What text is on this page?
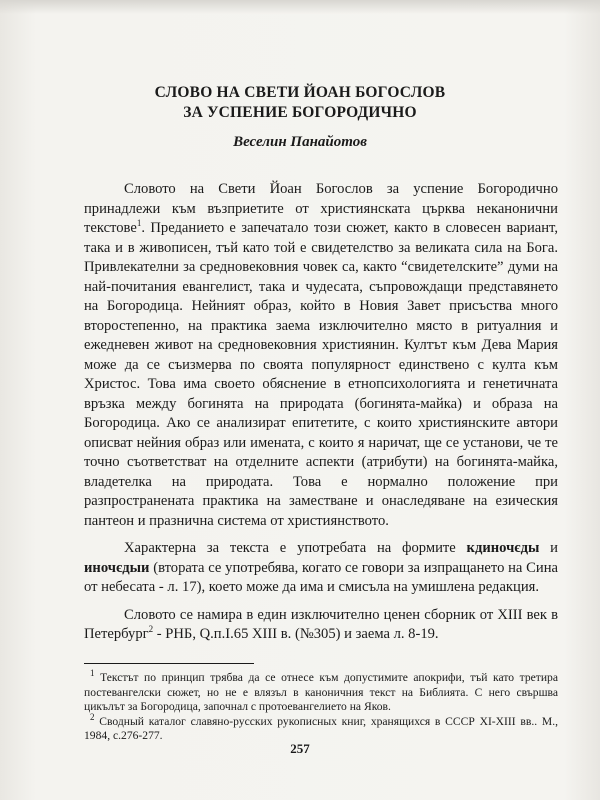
СЛОВО НА СВЕТИ ЙОАН БОГОСЛОВ
ЗА УСПЕНИЕ БОГОРОДИЧНО
Веселин Панайотов

Словото на Свети Йоан Богослов за успение Богородично принадлежи към възприетите от християнската църква неканонични текстове$^1$. Преданието е запечатало този сюжет, както в словесен вариант, така и в живописен, тъй като той е свидетелство за великата сила на Бога. Привлекателни за средновековния човек са, както “свидетелските” думи на най-почитания евангелист, така и чудесата, съпровождащи представянето на Богородица. Нейният образ, който в Новия Завет присъства много второстепенно, на практика заема изключително място в ритуалния и ежедневен живот на средновековния християнин. Култът към Дева Мария може да се съизмерва по своята популярност единствено с култа към Христос. Това има своето обяснение в етнопсихологията и генетичната връзка между богинята на природата (богинята-майка) и образа на Богородица. Ако се анализират епитетите, с които християнските автори описват нейния образ или имената, с които я наричат, ще се установи, че те точно съответстват на отделните аспекти (атрибути) на богинята-майка, владетелка на природата. Това е нормално положение при разпространената практика на заместване и онаследяване на езическия пантеон и празнична система от християнството.

Характерна за текста е употребата на формите кдиночєды и иночєдыи (втората се употребява, когато се говори за изпращането на Сина от небесата - л. 17), което може да има и смисъла на умишлена редакция.

Словото се намира в един изключително ценен сборник от XIII век в Петербург$^2$ - РНБ, Q.п.I.65 XIII в. (№305) и заема л. 8-19.

$^1$ Текстът по принцип трябва да се отнесе към допустимите апокрифи, тъй като третира постевангелски сюжет, но не е влязъл в каноничния текст на Библията. С него свършва цикълът за Богородица, започнал с протоевангелието на Яков.

$^2$ Сводный каталог славяно-русских рукописных книг, хранящихся в СССР XI-XIII вв.. М., 1984, с.276-277.

257
